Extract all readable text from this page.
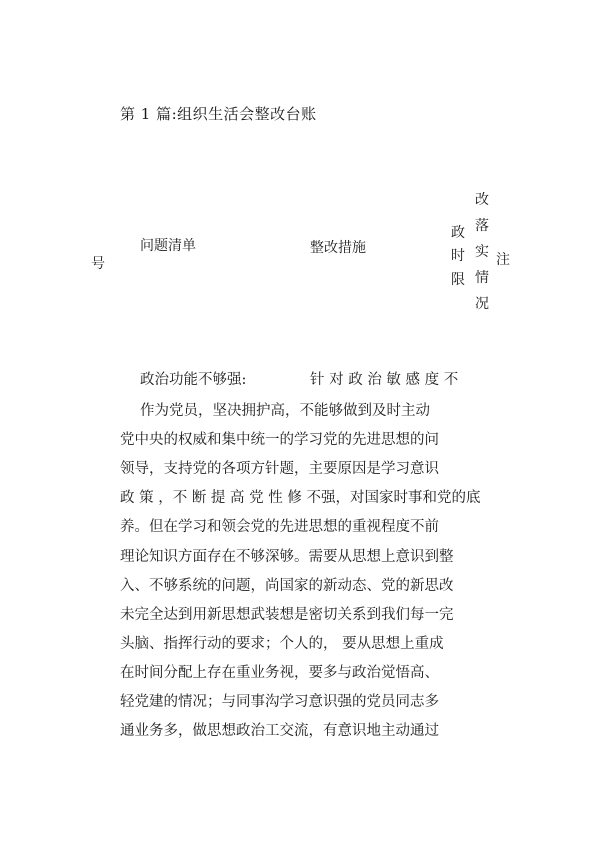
第 1 篇:组织生活会整改台账
号
问题清单	整改措施
政
时
限
改
落
实
情
况
注
政治功能不够强:	针 对 政 治 敏 感 度 不
作为党员，坚决拥护高，不能够做到及时主动
党中央的权威和集中统一的学习党的先进思想的问
领导，支持党的各项方针题，主要原因是学习意识
政 策 ，不 断 提 高 党 性 修 不强，对国家时事和党的底
养。但在学习和领会党的先进思想的重视程度不前
理论知识方面存在不够深够。需要从思想上意识到整
入、不够系统的问题，尚国家的新动态、党的新思改
未完全达到用新思想武装想是密切关系到我们每一完
头脑、指挥行动的要求；个人的， 要从思想上重成
在时间分配上存在重业务视，要多与政治觉悟高、
轻党建的情况；与同事沟学习意识强的党员同志多
通业务多，做思想政治工交流，有意识地主动通过
